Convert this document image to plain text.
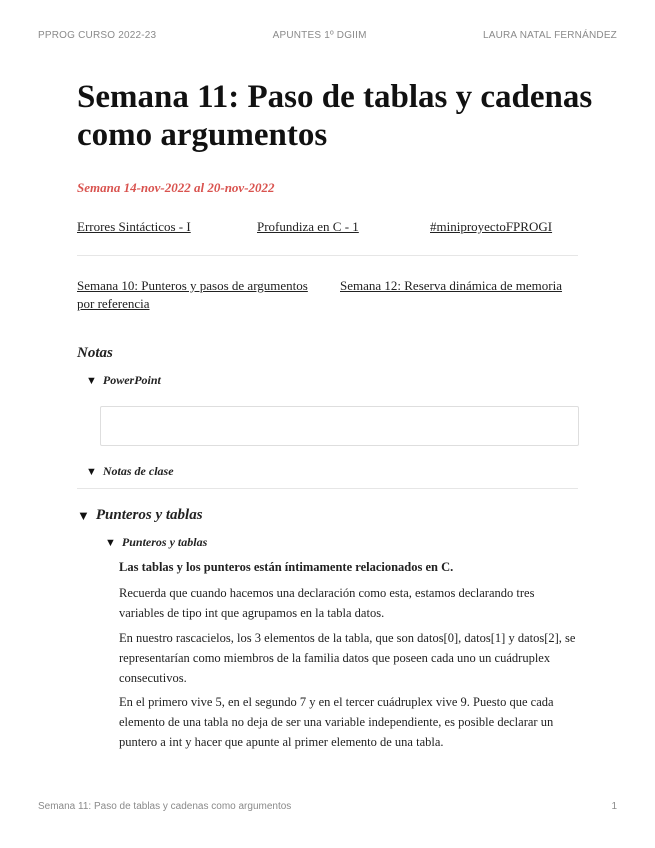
PPROG CURSO 2022-23	APUNTES 1º DGIIM	LAURA NATAL FERNÁNDEZ
Semana 11: Paso de tablas y cadenas como argumentos

Semana 14-nov-2022 al 20-nov-2022

Errores Sintácticos - I	Profundiza en C - 1	#miniproyectoFPROGI
Semana 10: Punteros y pasos de argumentos por referencia
Semana 12: Reserva dinámica de memoria
Notas
▼ PowerPoint
▼ Notas de clase
▼ Punteros y tablas
▼ Punteros y tablas

Las tablas y los punteros están íntimamente relacionados en C.

Recuerda que cuando hacemos una declaración como esta, estamos declarando tres variables de tipo int que agrupamos en la tabla datos.

En nuestro rascacielos, los 3 elementos de la tabla, que son datos[0], datos[1] y datos[2], se representarían como miembros de la familia datos que poseen cada uno un cuádruplex consecutivos.

En el primero vive 5, en el segundo 7 y en el tercer cuádruplex vive 9. Puesto que cada elemento de una tabla no deja de ser una variable independiente, es posible declarar un puntero a int y hacer que apunte al primer elemento de una tabla.

Semana 11: Paso de tablas y cadenas como argumentos	1
